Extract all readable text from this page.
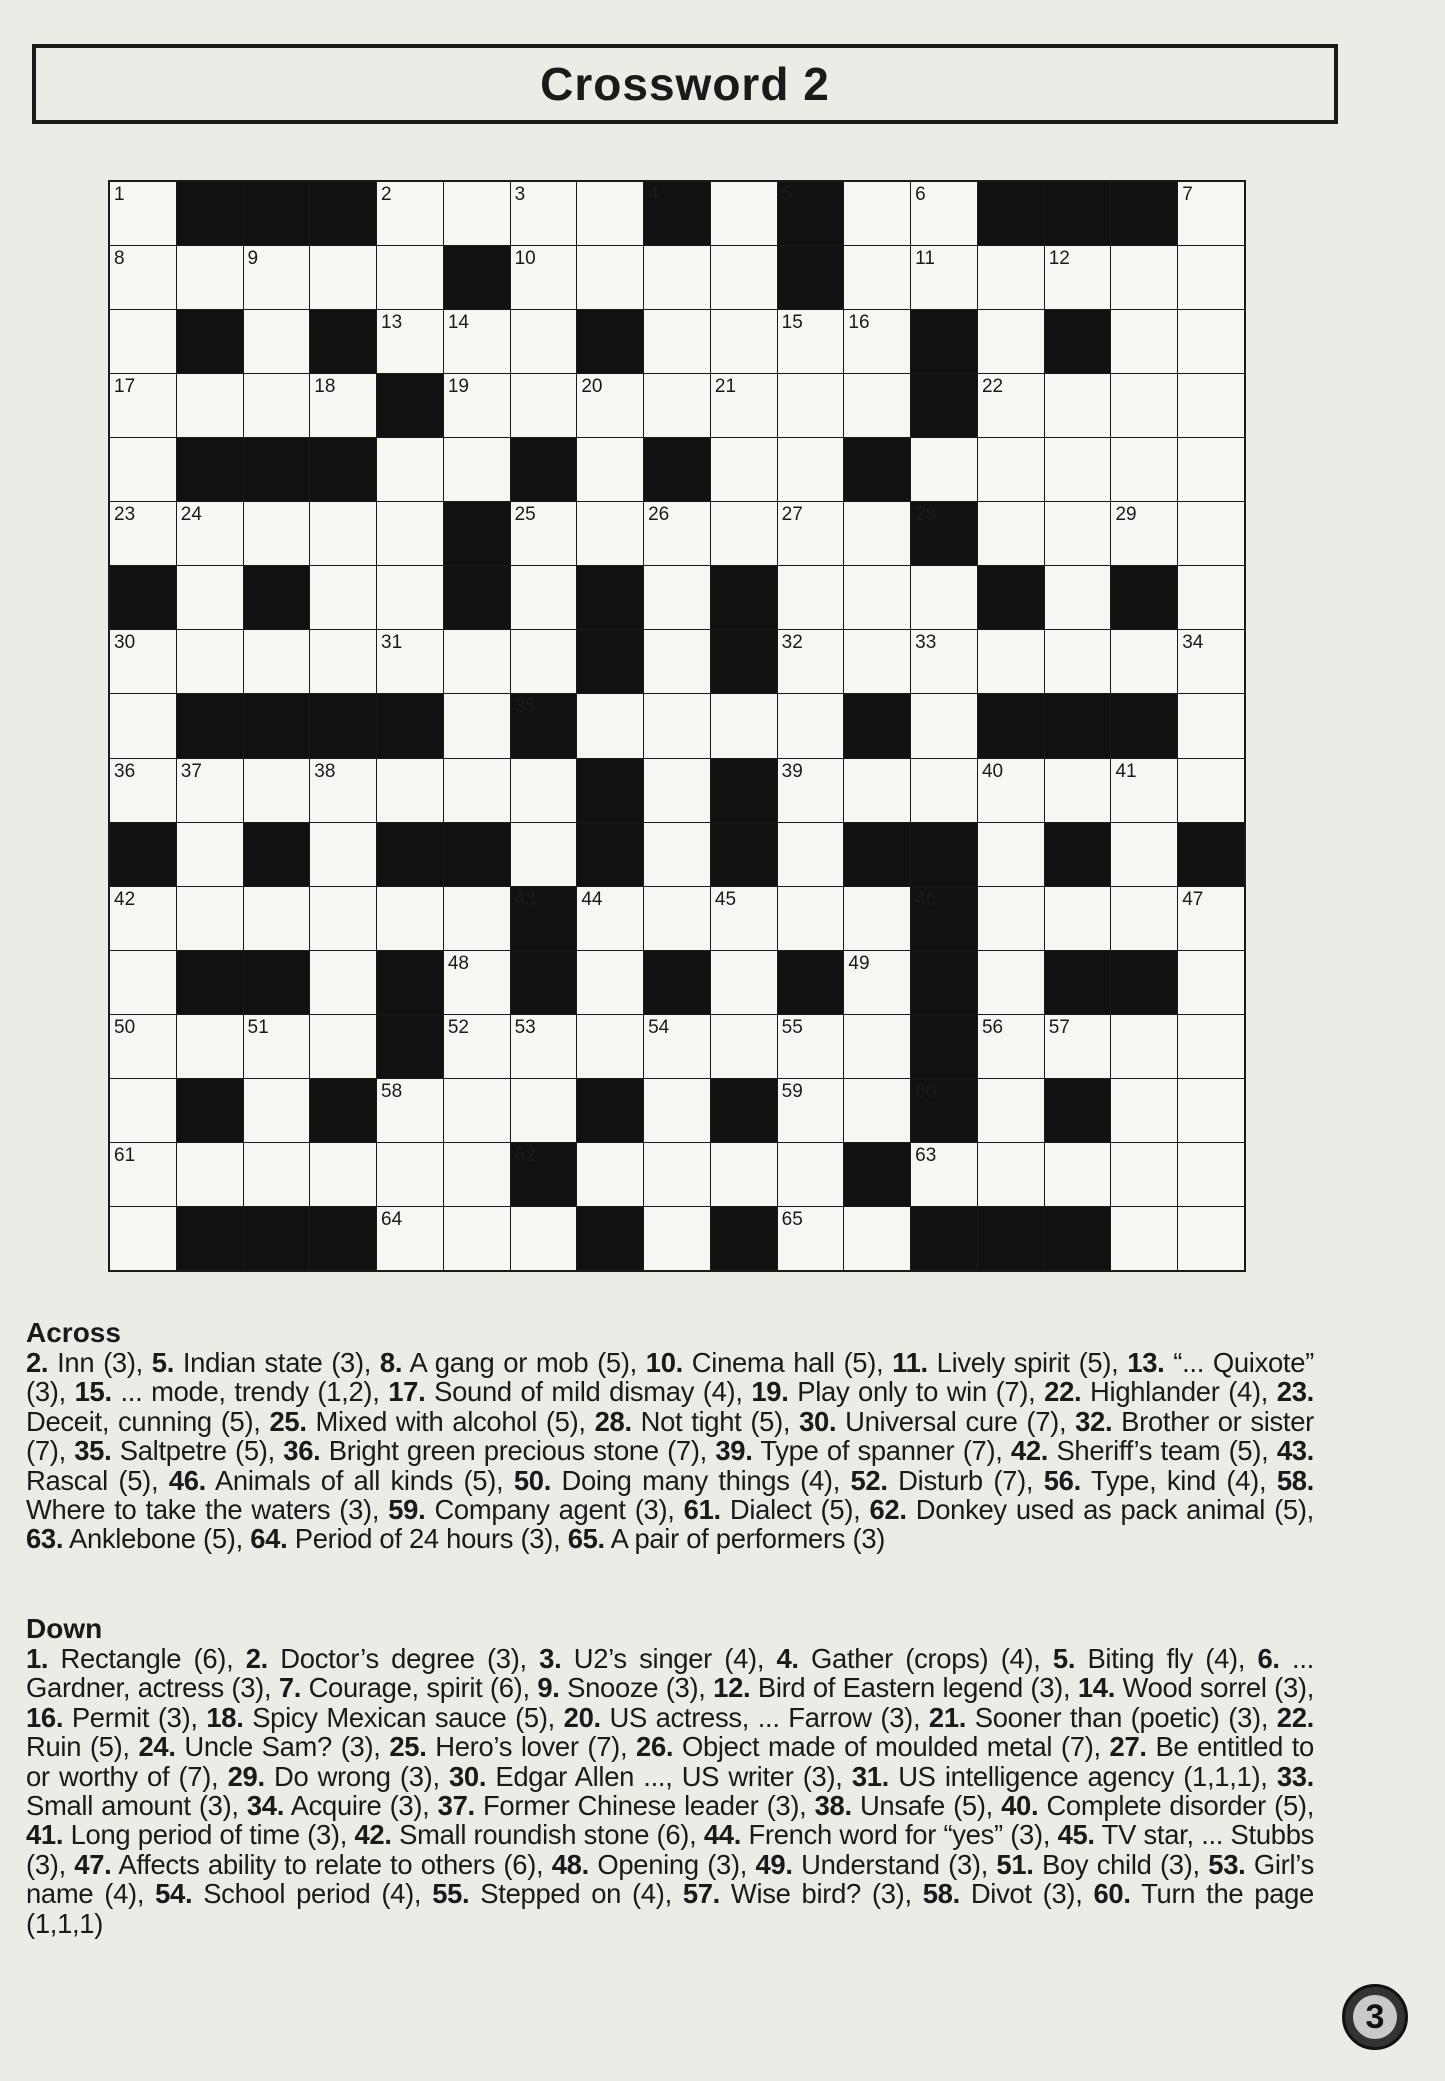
Crossword 2
1	2	3	4	5	6	7
8	9	10	11	12
13 14	15 16
17	18	19	20	21	22
23 24	25	26	27	28	29
30	31	32	33	34
35
36 37	38	39	40	41
42	43 44	45	46	47
48	49
50	51	52 53	54	55	56 57
58	59	60
61	62	63
64	65
Across
2. Inn (3), 5. Indian state (3), 8. A gang or mob (5), 10. Cinema hall (5), 11. Lively spirit (5), 13. “... Quixote” (3), 15. ... mode, trendy (1,2), 17. Sound of mild dismay (4), 19. Play only to win (7), 22. Highlander (4), 23. Deceit, cunning (5), 25. Mixed with alcohol (5), 28. Not tight (5), 30. Universal cure (7), 32. Brother or sister (7), 35. Saltpetre (5), 36. Bright green precious stone (7), 39. Type of spanner (7), 42. Sheriff’s team (5), 43. Rascal (5), 46. Animals of all kinds (5), 50. Doing many things (4), 52. Disturb (7), 56. Type, kind (4), 58. Where to take the waters (3), 59. Company agent (3), 61. Dialect (5), 62. Donkey used as pack animal (5), 63. Anklebone (5), 64. Period of 24 hours (3), 65. A pair of performers (3)
Down
1. Rectangle (6), 2. Doctor’s degree (3), 3. U2’s singer (4), 4. Gather (crops) (4), 5. Biting fly (4), 6. ... Gardner, actress (3), 7. Courage, spirit (6), 9. Snooze (3), 12. Bird of Eastern legend (3), 14. Wood sorrel (3), 16. Permit (3), 18. Spicy Mexican sauce (5), 20. US actress, ... Farrow (3), 21. Sooner than (poetic) (3), 22. Ruin (5), 24. Uncle Sam? (3), 25. Hero’s lover (7), 26. Object made of moulded metal (7), 27. Be entitled to or worthy of (7), 29. Do wrong (3), 30. Edgar Allen ..., US writer (3), 31. US intelligence agency (1,1,1), 33. Small amount (3), 34. Acquire (3), 37. Former Chinese leader (3), 38. Unsafe (5), 40. Complete disorder (5), 41. Long period of time (3), 42. Small roundish stone (6), 44. French word for “yes” (3), 45. TV star, ... Stubbs (3), 47. Affects ability to relate to others (6), 48. Opening (3), 49. Understand (3), 51. Boy child (3), 53. Girl’s name (4), 54. School period (4), 55. Stepped on (4), 57. Wise bird? (3), 58. Divot (3), 60. Turn the page (1,1,1)
3
